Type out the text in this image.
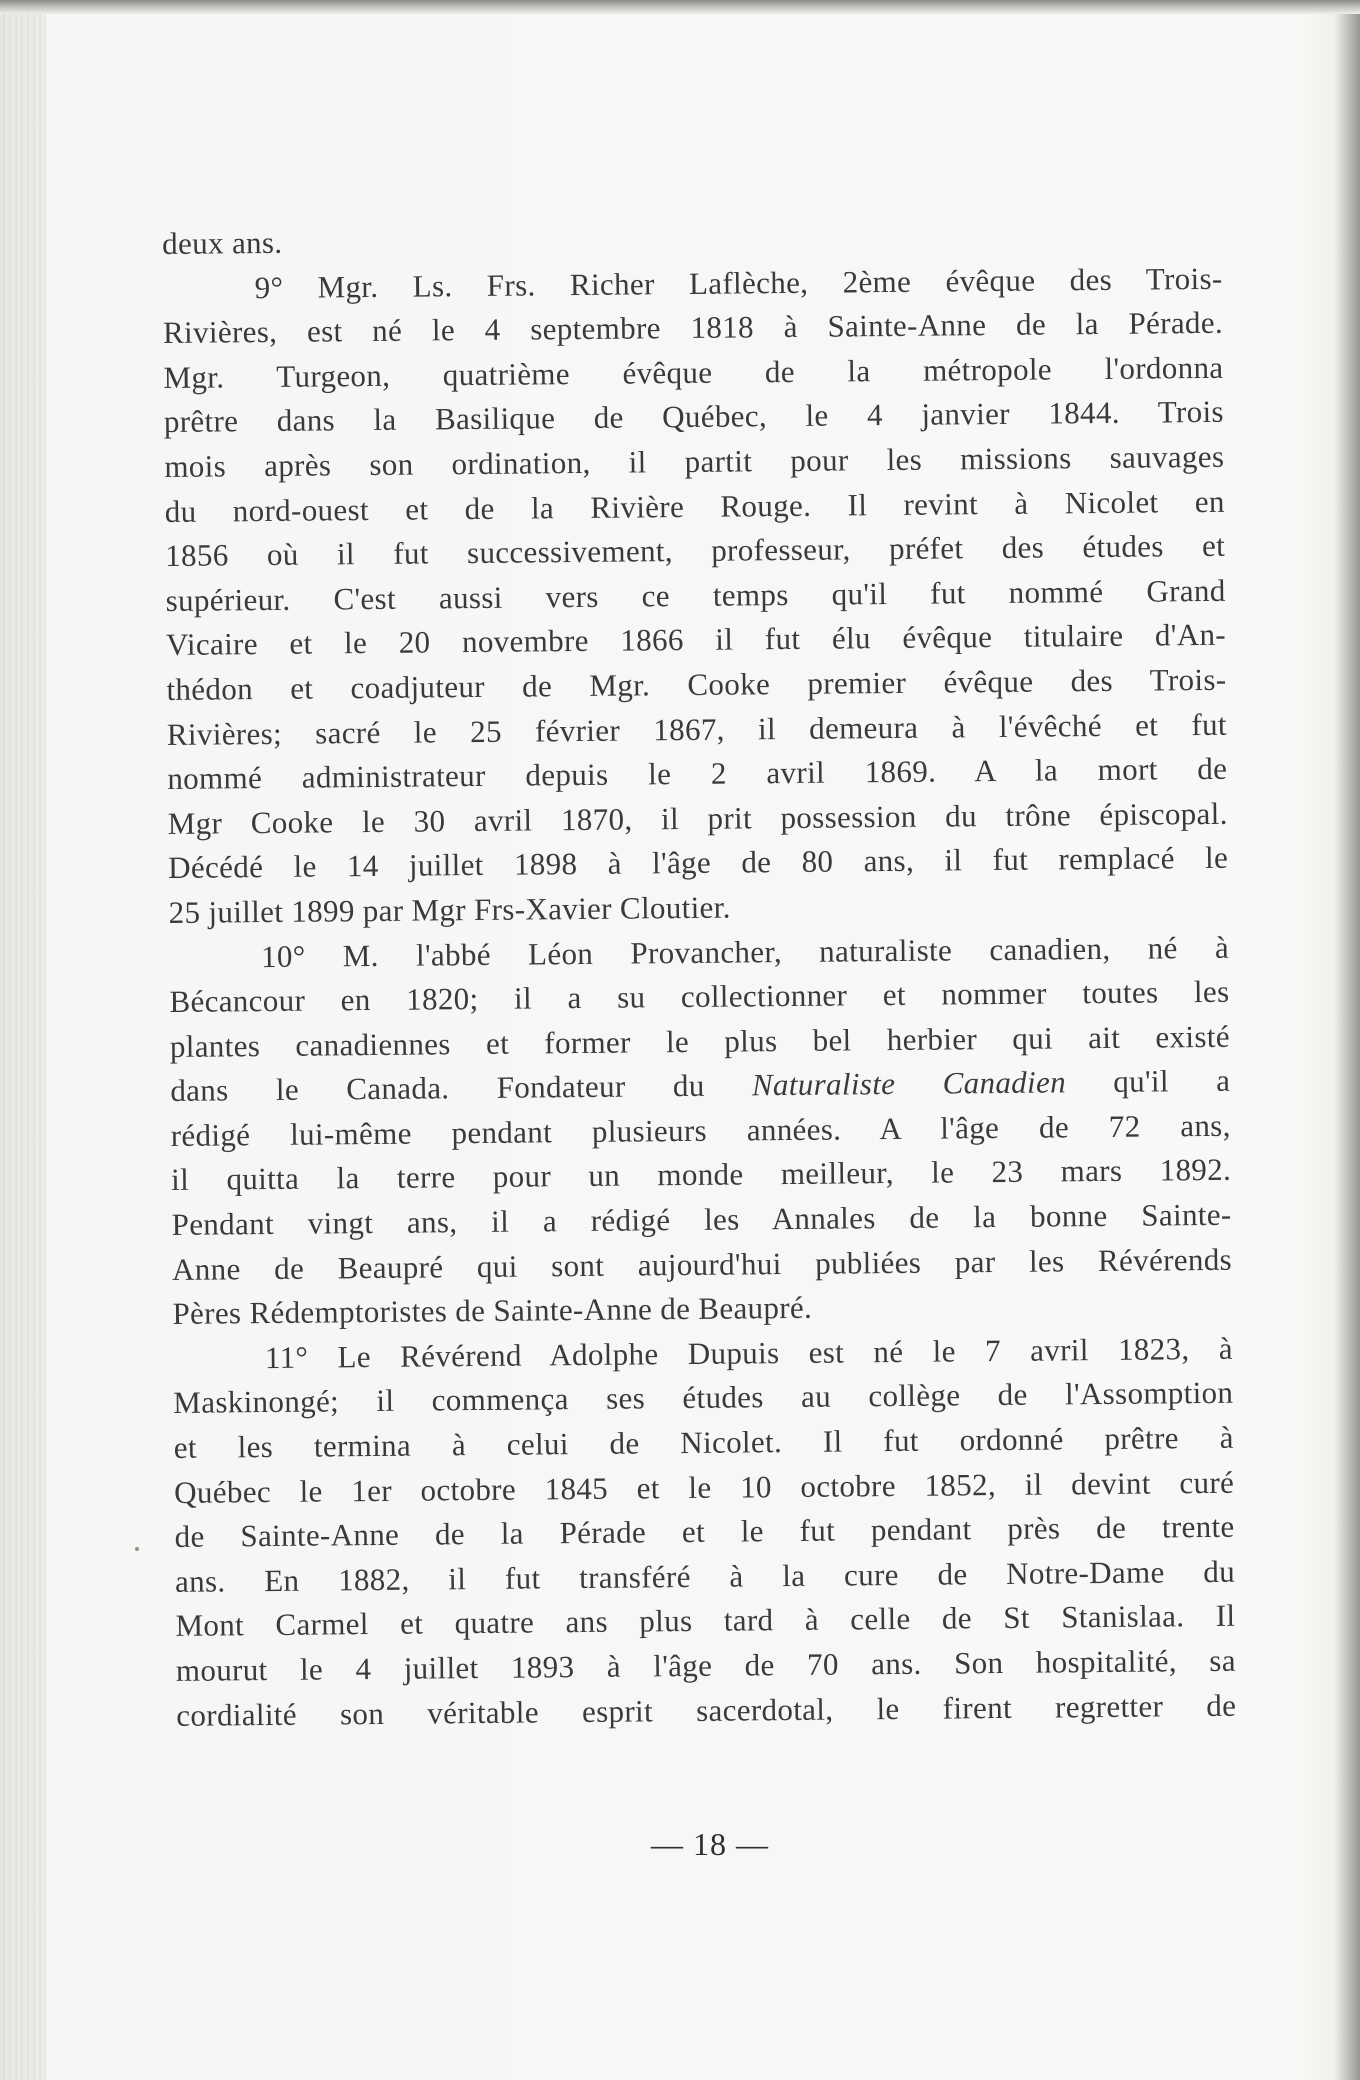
deux ans.
9° Mgr. Ls. Frs. Richer Laflèche, 2ème évêque des Trois-
Rivières, est né le 4 septembre 1818 à Sainte-Anne de la Pérade.
Mgr. Turgeon, quatrième évêque de la métropole l'ordonna
prêtre dans la Basilique de Québec, le 4 janvier 1844. Trois
mois après son ordination, il partit pour les missions sauvages
du nord-ouest et de la Rivière Rouge. Il revint à Nicolet en
1856 où il fut successivement, professeur, préfet des études et
supérieur. C'est aussi vers ce temps qu'il fut nommé Grand
Vicaire et le 20 novembre 1866 il fut élu évêque titulaire d'An-
thédon et coadjuteur de Mgr. Cooke premier évêque des Trois-
Rivières; sacré le 25 février 1867, il demeura à l'évêché et fut
nommé administrateur depuis le 2 avril 1869. A la mort de
Mgr Cooke le 30 avril 1870, il prit possession du trône épiscopal.
Décédé le 14 juillet 1898 à l'âge de 80 ans, il fut remplacé le
25 juillet 1899 par Mgr Frs-Xavier Cloutier.
10° M. l'abbé Léon Provancher, naturaliste canadien, né à
Bécancour en 1820; il a su collectionner et nommer toutes les
plantes canadiennes et former le plus bel herbier qui ait existé
dans le Canada. Fondateur du Naturaliste Canadien qu'il a
rédigé lui-même pendant plusieurs années. A l'âge de 72 ans,
il quitta la terre pour un monde meilleur, le 23 mars 1892.
Pendant vingt ans, il a rédigé les Annales de la bonne Sainte-
Anne de Beaupré qui sont aujourd'hui publiées par les Révérends
Pères Rédemptoristes de Sainte-Anne de Beaupré.
11° Le Révérend Adolphe Dupuis est né le 7 avril 1823, à
Maskinongé; il commença ses études au collège de l'Assomption
et les termina à celui de Nicolet. Il fut ordonné prêtre à
Québec le 1er octobre 1845 et le 10 octobre 1852, il devint curé
de Sainte-Anne de la Pérade et le fut pendant près de trente
ans. En 1882, il fut transféré à la cure de Notre-Dame du
Mont Carmel et quatre ans plus tard à celle de St Stanislaa. Il
mourut le 4 juillet 1893 à l'âge de 70 ans. Son hospitalité, sa
cordialité son véritable esprit sacerdotal, le firent regretter de
— 18 —
